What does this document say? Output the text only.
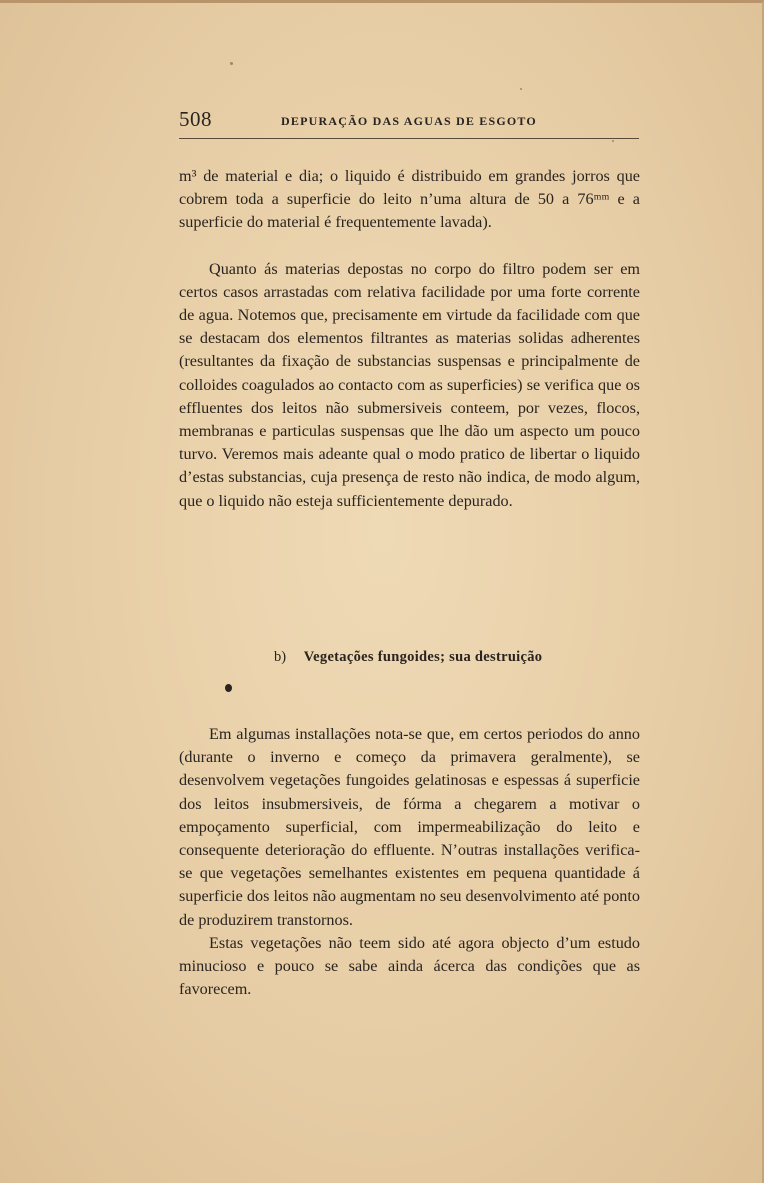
508	DEPURAÇÃO DAS AGUAS DE ESGOTO

m³ de material e dia; o liquido é distribuido em grandes jorros que cobrem toda a superficie do leito n’uma altura de 50 a 76ᵐᵐ e a superficie do material é frequentemente lavada).

Quanto ás materias depostas no corpo do filtro podem ser em certos casos arrastadas com relativa facilidade por uma forte corrente de agua. Notemos que, precisamente em virtude da facilidade com que se destacam dos elementos filtrantes as materias solidas adherentes (resultantes da fixação de substancias suspensas e principalmente de colloides coagulados ao contacto com as superficies) se verifica que os effluentes dos leitos não submersiveis conteem, por vezes, flocos, membranas e particulas suspensas que lhe dão um aspecto um pouco turvo. Veremos mais adeante qual o modo pratico de libertar o liquido d’estas substancias, cuja presença de resto não indica, de modo algum, que o liquido não esteja sufficientemente depurado.

b) Vegetações fungoides; sua destruição

Em algumas installações nota-se que, em certos periodos do anno (durante o inverno e começo da primavera geralmente), se desenvolvem vegetações fungoides gelatinosas e espessas á superficie dos leitos insubmersiveis, de fórma a chegarem a motivar o empoçamento superficial, com impermeabilização do leito e consequente deterioração do effluente. N’outras installações verifica-se que vegetações semelhantes existentes em pequena quantidade á superficie dos leitos não augmentam no seu desenvolvimento até ponto de produzirem transtornos.

Estas vegetações não teem sido até agora objecto d’um estudo minucioso e pouco se sabe ainda ácerca das condições que as favorecem.
